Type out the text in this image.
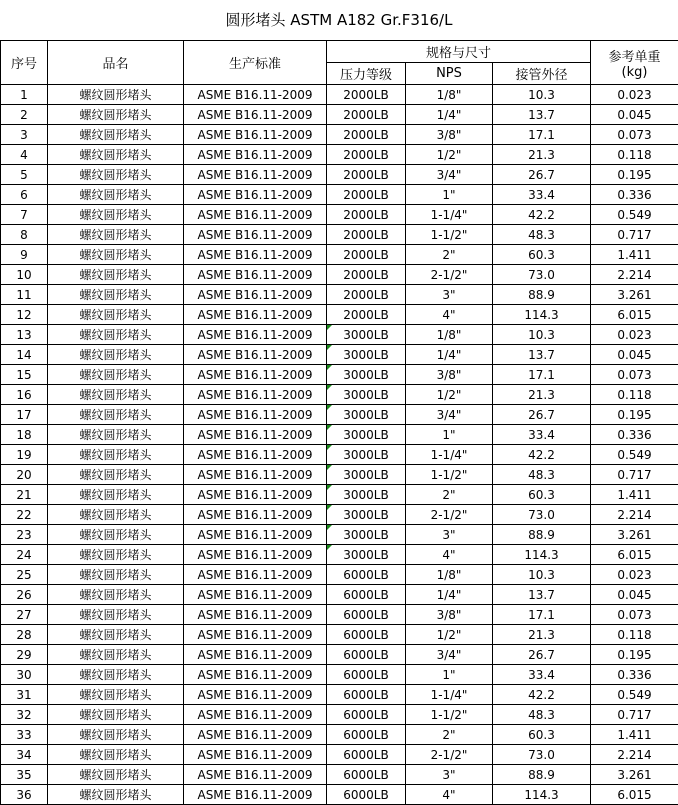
圆形堵头 ASTM A182 Gr.F316/L
序号	品名	生产标准	规格与尺寸			参考单重
(kg)

			压力等级	NPS	接管外径	
1	螺纹圆形堵头	ASME B16.11-2009	2000LB	1/8"	10.3	0.023
2	螺纹圆形堵头	ASME B16.11-2009	2000LB	1/4"	13.7	0.045
3	螺纹圆形堵头	ASME B16.11-2009	2000LB	3/8"	17.1	0.073
4	螺纹圆形堵头	ASME B16.11-2009	2000LB	1/2"	21.3	0.118
5	螺纹圆形堵头	ASME B16.11-2009	2000LB	3/4"	26.7	0.195
6	螺纹圆形堵头	ASME B16.11-2009	2000LB	1"	33.4	0.336
7	螺纹圆形堵头	ASME B16.11-2009	2000LB	1-1/4"	42.2	0.549
8	螺纹圆形堵头	ASME B16.11-2009	2000LB	1-1/2"	48.3	0.717
9	螺纹圆形堵头	ASME B16.11-2009	2000LB	2"	60.3	1.411
10	螺纹圆形堵头	ASME B16.11-2009	2000LB	2-1/2"	73.0	2.214
11	螺纹圆形堵头	ASME B16.11-2009	2000LB	3"	88.9	3.261
12	螺纹圆形堵头	ASME B16.11-2009	2000LB	4"	114.3	6.015
13	螺纹圆形堵头	ASME B16.11-2009	3000LB	1/8"	10.3	0.023
14	螺纹圆形堵头	ASME B16.11-2009	3000LB	1/4"	13.7	0.045
15	螺纹圆形堵头	ASME B16.11-2009	3000LB	3/8"	17.1	0.073
16	螺纹圆形堵头	ASME B16.11-2009	3000LB	1/2"	21.3	0.118
17	螺纹圆形堵头	ASME B16.11-2009	3000LB	3/4"	26.7	0.195
18	螺纹圆形堵头	ASME B16.11-2009	3000LB	1"	33.4	0.336
19	螺纹圆形堵头	ASME B16.11-2009	3000LB	1-1/4"	42.2	0.549
20	螺纹圆形堵头	ASME B16.11-2009	3000LB	1-1/2"	48.3	0.717
21	螺纹圆形堵头	ASME B16.11-2009	3000LB	2"	60.3	1.411
22	螺纹圆形堵头	ASME B16.11-2009	3000LB	2-1/2"	73.0	2.214
23	螺纹圆形堵头	ASME B16.11-2009	3000LB	3"	88.9	3.261
24	螺纹圆形堵头	ASME B16.11-2009	3000LB	4"	114.3	6.015
25	螺纹圆形堵头	ASME B16.11-2009	6000LB	1/8"	10.3	0.023
26	螺纹圆形堵头	ASME B16.11-2009	6000LB	1/4"	13.7	0.045
27	螺纹圆形堵头	ASME B16.11-2009	6000LB	3/8"	17.1	0.073
28	螺纹圆形堵头	ASME B16.11-2009	6000LB	1/2"	21.3	0.118
29	螺纹圆形堵头	ASME B16.11-2009	6000LB	3/4"	26.7	0.195
30	螺纹圆形堵头	ASME B16.11-2009	6000LB	1"	33.4	0.336
31	螺纹圆形堵头	ASME B16.11-2009	6000LB	1-1/4"	42.2	0.549
32	螺纹圆形堵头	ASME B16.11-2009	6000LB	1-1/2"	48.3	0.717
33	螺纹圆形堵头	ASME B16.11-2009	6000LB	2"	60.3	1.411
34	螺纹圆形堵头	ASME B16.11-2009	6000LB	2-1/2"	73.0	2.214
35	螺纹圆形堵头	ASME B16.11-2009	6000LB	3"	88.9	3.261
36	螺纹圆形堵头	ASME B16.11-2009	6000LB	4"	114.3	6.015
